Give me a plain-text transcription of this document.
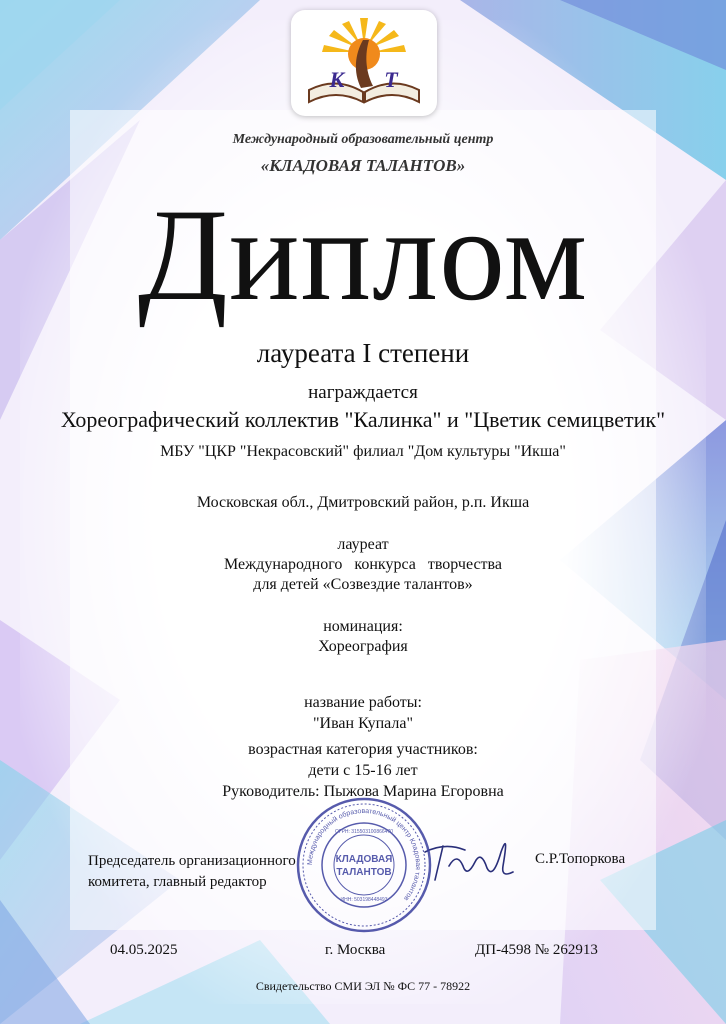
К Т
Международный образовательный центр
«КЛАДОВАЯ ТАЛАНТОВ»
Диплом
лауреата I степени
награждается
Хореографический коллектив "Калинка" и "Цветик семицветик"
МБУ "ЦКР "Некрасовский" филиал "Дом культуры "Икша"
Московская обл., Дмитровский район, р.п. Икша
лауреат
Международного   конкурса   творчества
для детей «Созвездие талантов»
номинация:
Хореография
название работы:
"Иван Купала"
возрастная категория участников:
дети с 15-16 лет
Руководитель: Пыжова Марина Егоровна
Председатель организационного
комитета, главный редактор
С.Р.Топоркова
Международный образовательный центр Кладовая талантов
КЛАДОВАЯ
ТАЛАНТОВ
ОГРН: 315503100866470
ИНН: 503198448493
04.05.2025	г. Москва	ДП-4598 № 262913
Свидетельство СМИ ЭЛ № ФС 77 - 78922
